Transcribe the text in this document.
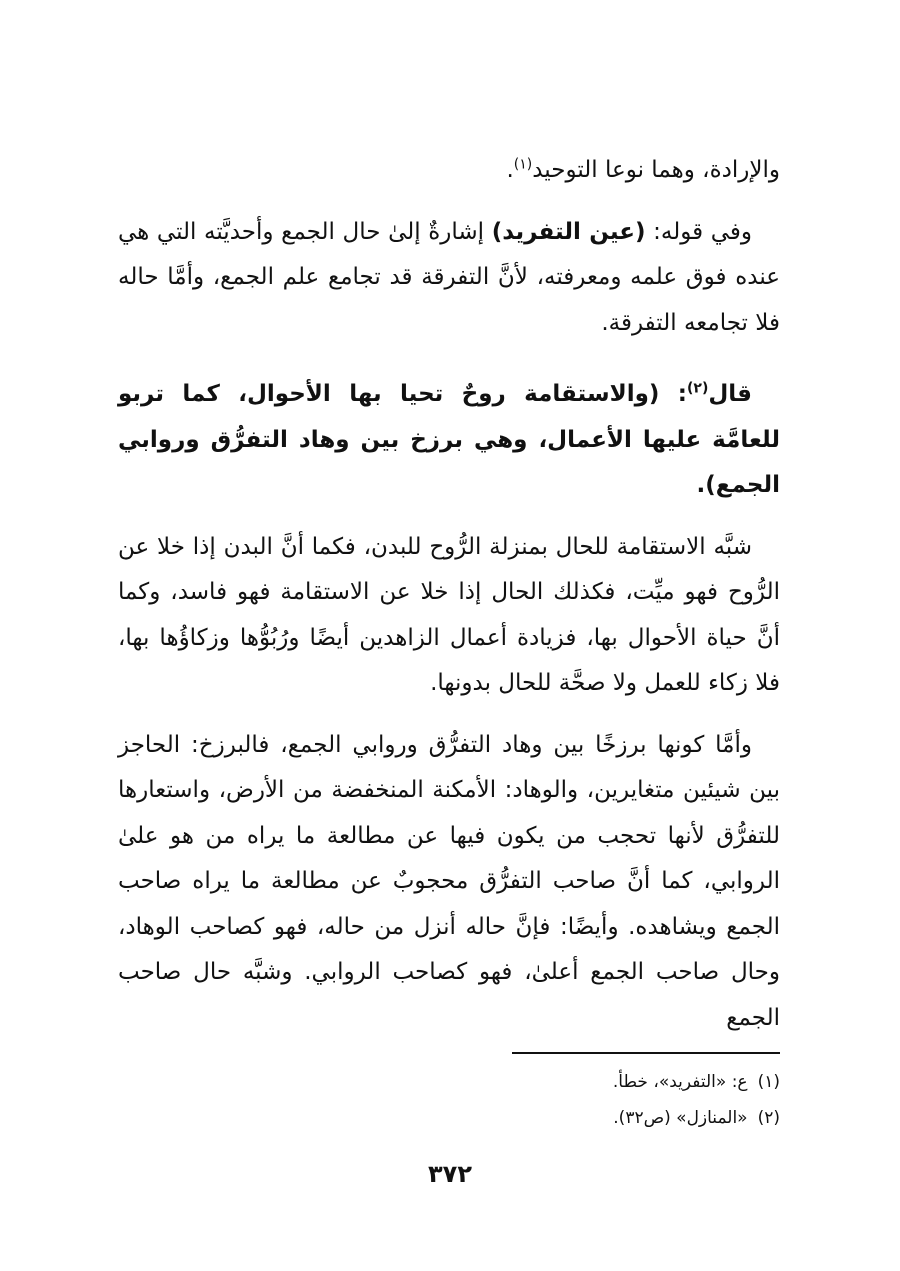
والإرادة، وهما نوعا التوحيد$^{(١)}$.

وفي قوله: (عين التفريد) إشارةٌ إلىٰ حال الجمع وأحديَّته التي هي عنده فوق علمه ومعرفته، لأنَّ التفرقة قد تجامع علم الجمع، وأمَّا حاله فلا تجامعه التفرقة.

قال$^{(٢)}$: (والاستقامة روحٌ تحيا بها الأحوال، كما تربو للعامَّة عليها الأعمال، وهي برزخ بين وهاد التفرُّق وروابي الجمع).

شبَّه الاستقامة للحال بمنزلة الرُّوح للبدن، فكما أنَّ البدن إذا خلا عن الرُّوح فهو ميِّت، فكذلك الحال إذا خلا عن الاستقامة فهو فاسد، وكما أنَّ حياة الأحوال بها، فزيادة أعمال الزاهدين أيضًا ورُبُوُّها وزكاؤُها بها، فلا زكاء للعمل ولا صحَّة للحال بدونها.

وأمَّا كونها برزخًا بين وهاد التفرُّق وروابي الجمع، فالبرزخ: الحاجز بين شيئين متغايرين، والوهاد: الأمكنة المنخفضة من الأرض، واستعارها للتفرُّق لأنها تحجب من يكون فيها عن مطالعة ما يراه من هو علىٰ الروابي، كما أنَّ صاحب التفرُّق محجوبٌ عن مطالعة ما يراه صاحب الجمع ويشاهده. وأيضًا: فإنَّ حاله أنزل من حاله، فهو كصاحب الوهاد، وحال صاحب الجمع أعلىٰ، فهو كصاحب الروابي. وشبَّه حال صاحب الجمع

(١)ع: «التفريد»، خطأ.

(٢)«المنازل» (ص٣٢).

٣٧٢
